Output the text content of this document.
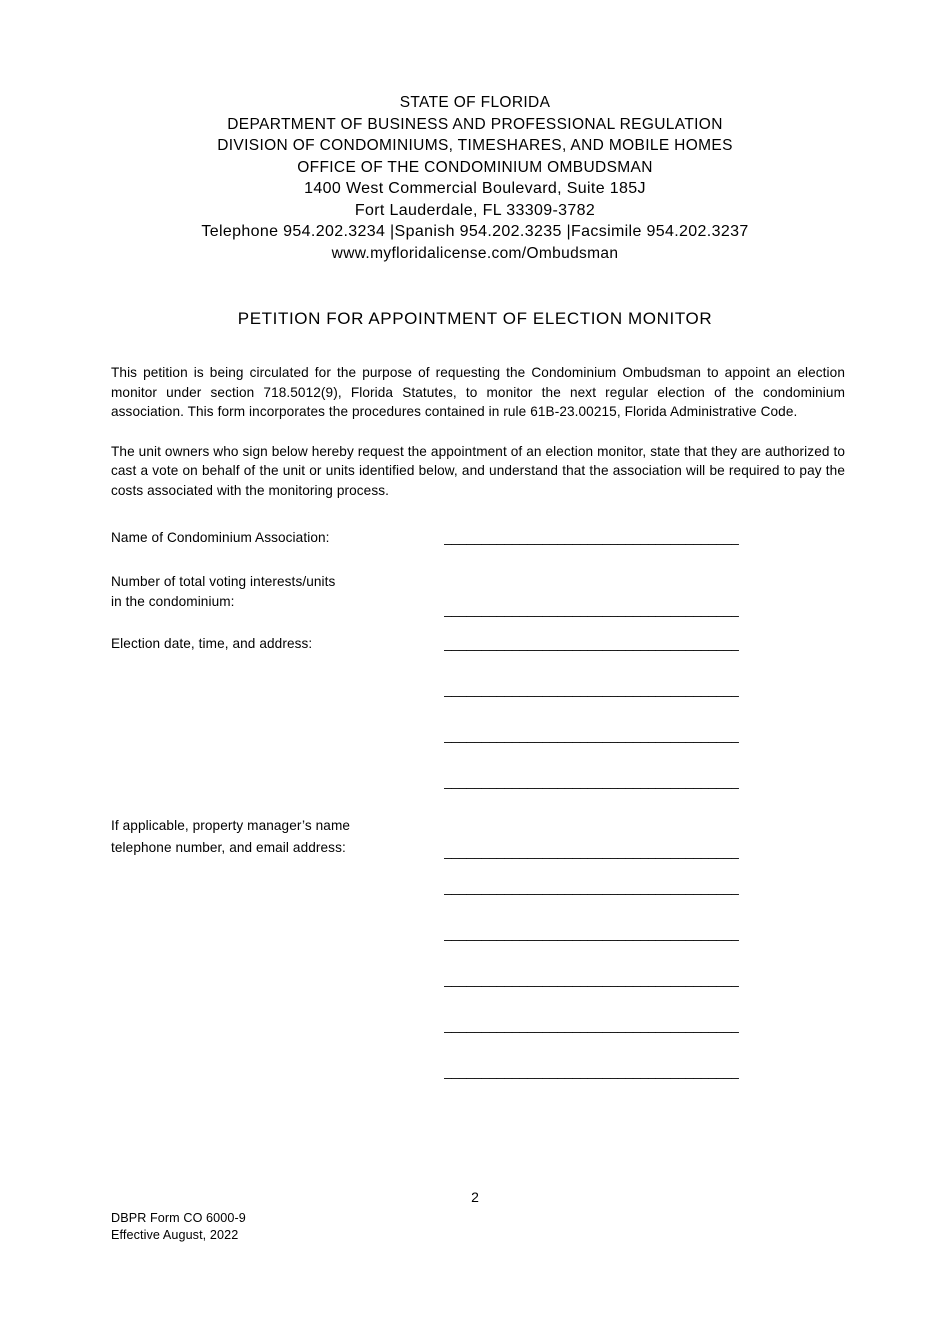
STATE OF FLORIDA
DEPARTMENT OF BUSINESS AND PROFESSIONAL REGULATION
DIVISION OF CONDOMINIUMS, TIMESHARES, AND MOBILE HOMES
OFFICE OF THE CONDOMINIUM OMBUDSMAN
1400 West Commercial Boulevard, Suite 185J
Fort Lauderdale, FL 33309-3782
Telephone 954.202.3234 |Spanish 954.202.3235 |Facsimile 954.202.3237
www.myfloridalicense.com/Ombudsman
PETITION FOR APPOINTMENT OF ELECTION MONITOR
This petition is being circulated for the purpose of requesting the Condominium Ombudsman to appoint an election monitor under section 718.5012(9), Florida Statutes, to monitor the next regular election of the condominium association. This form incorporates the procedures contained in rule 61B-23.00215, Florida Administrative Code.
The unit owners who sign below hereby request the appointment of an election monitor, state that they are authorized to cast a vote on behalf of the unit or units identified below, and understand that the association will be required to pay the costs associated with the monitoring process.
Name of Condominium Association:	_______________________________________
Number of total voting interests/units
in the condominium:
_______________________________________
Election date, time, and address:	_______________________________________
_______________________________________
_______________________________________
_______________________________________
If applicable, property manager’s name
telephone number, and email address:	_______________________________________
_______________________________________
_______________________________________
_______________________________________
_______________________________________
_______________________________________
2
DBPR Form CO 6000-9
Effective August, 2022
